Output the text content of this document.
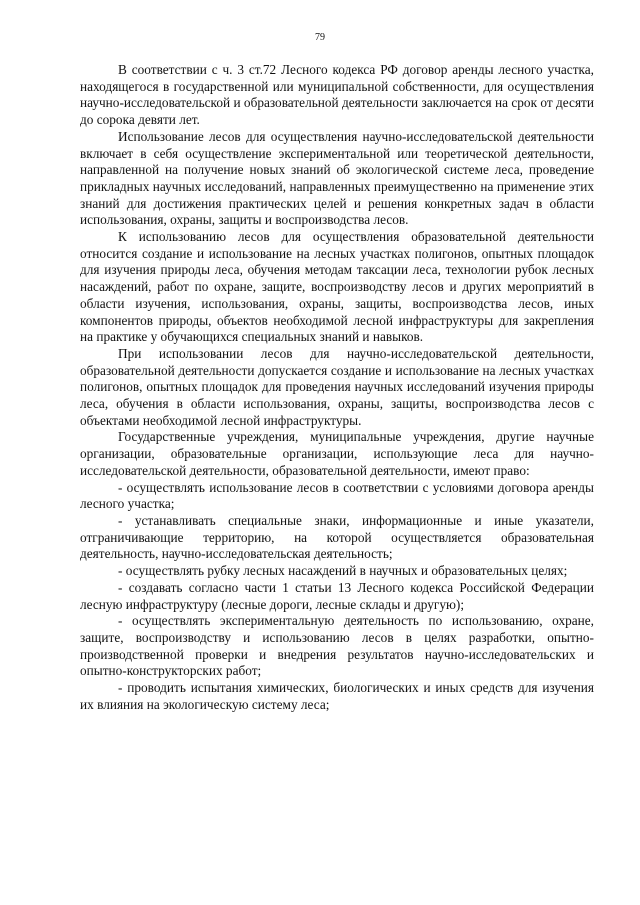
79

В соответствии с ч. 3 ст.72 Лесного кодекса РФ договор аренды лесного участка, находящегося в государственной или муниципальной собственности, для осуществления научно-исследовательской и образовательной деятельности заключается на срок от десяти до сорока девяти лет.

Использование лесов для осуществления научно-исследовательской деятельности включает в себя осуществление экспериментальной или теоретической деятельности, направленной на получение новых знаний об экологической системе леса, проведение прикладных научных исследований, направленных преимущественно на применение этих знаний для достижения практических целей и решения конкретных задач в области использования, охраны, защиты и воспроизводства лесов.

К использованию лесов для осуществления образовательной деятельности относится создание и использование на лесных участках полигонов, опытных площадок для изучения природы леса, обучения методам таксации леса, технологии рубок лесных насаждений, работ по охране, защите, воспроизводству лесов и других мероприятий в области изучения, использования, охраны, защиты, воспроизводства лесов, иных компонентов природы, объектов необходимой лесной инфраструктуры для закрепления на практике у обучающихся специальных знаний и навыков.

При использовании лесов для научно-исследовательской деятельности, образовательной деятельности допускается создание и использование на лесных участках полигонов, опытных площадок для проведения научных исследований изучения природы леса, обучения в области использования, охраны, защиты, воспроизводства лесов с объектами необходимой лесной инфраструктуры.

Государственные учреждения, муниципальные учреждения, другие научные организации, образовательные организации, использующие леса для научно-исследовательской деятельности, образовательной деятельности, имеют право:

- осуществлять использование лесов в соответствии с условиями договора аренды лесного участка;

- устанавливать специальные знаки, информационные и иные указатели, отграничивающие территорию, на которой осуществляется образовательная деятельность, научно-исследовательская деятельность;

- осуществлять рубку лесных насаждений в научных и образовательных целях;

- создавать согласно части 1 статьи 13 Лесного кодекса Российской Федерации лесную инфраструктуру (лесные дороги, лесные склады и другую);

- осуществлять экспериментальную деятельность по использованию, охране, защите, воспроизводству и использованию лесов в целях разработки, опытно-производственной проверки и внедрения результатов научно-исследовательских и опытно-конструкторских работ;

- проводить испытания химических, биологических и иных средств для изучения их влияния на экологическую систему леса;
